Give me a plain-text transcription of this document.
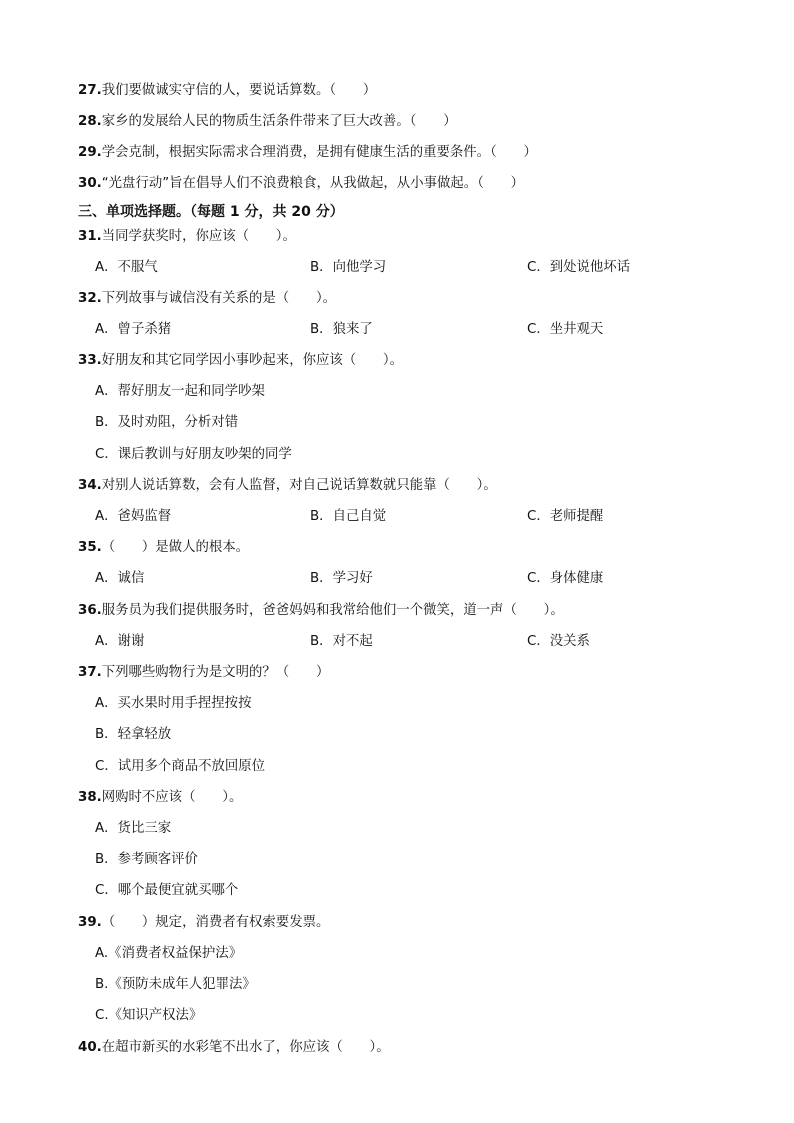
27.我们要做诚实守信的人，要说话算数。（　　）
28.家乡的发展给人民的物质生活条件带来了巨大改善。（　　）
29.学会克制，根据实际需求合理消费，是拥有健康生活的重要条件。（　　）
30.“光盘行动”旨在倡导人们不浪费粮食，从我做起，从小事做起。（　　）
三、单项选择题。（每题 1 分，共 20 分）
31.当同学获奖时，你应该（　　）。
A．不服气	B．向他学习	C．到处说他坏话
32.下列故事与诚信没有关系的是（　　）。
A．曾子杀猪	B．狼来了	C．坐井观天
33.好朋友和其它同学因小事吵起来，你应该（　　）。
A．帮好朋友一起和同学吵架
B．及时劝阻，分析对错
C．课后教训与好朋友吵架的同学
34.对别人说话算数，会有人监督，对自己说话算数就只能靠（　　）。
A．爸妈监督	B．自己自觉	C．老师提醒
35.（　　）是做人的根本。
A．诚信	B．学习好	C．身体健康
36.服务员为我们提供服务时，爸爸妈妈和我常给他们一个微笑，道一声（　　）。
A．谢谢	B．对不起	C．没关系
37.下列哪些购物行为是文明的？（　　）
A．买水果时用手捏捏按按
B．轻拿轻放
C．试用多个商品不放回原位
38.网购时不应该（　　）。
A．货比三家
B．参考顾客评价
C．哪个最便宜就买哪个
39.（　　）规定，消费者有权索要发票。
A.《消费者权益保护法》
B.《预防未成年人犯罪法》
C.《知识产权法》
40.在超市新买的水彩笔不出水了，你应该（　　）。
